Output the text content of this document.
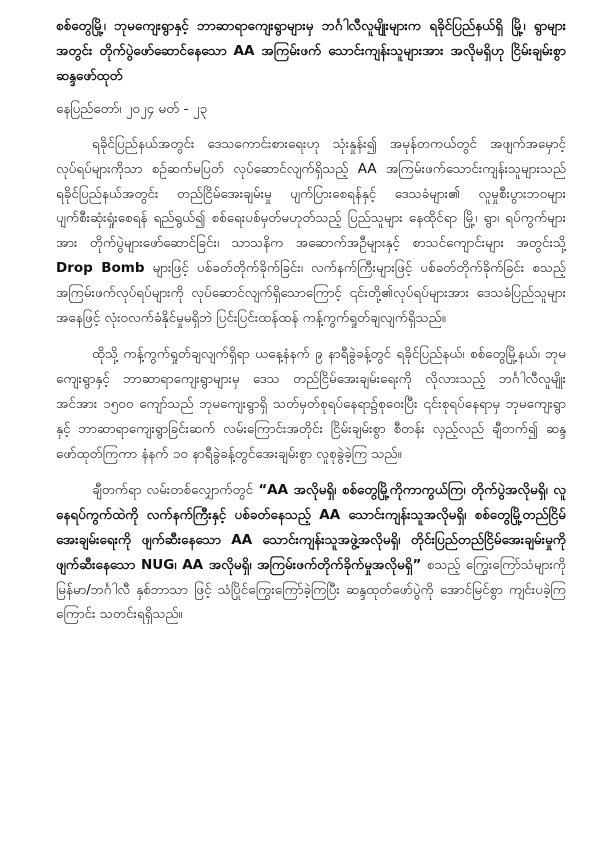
စစ်တွေမြို့၊ ဘုမကျေးရွာနှင့် ဘာဆာရာကျေးရွာများမှ ဘင်္ဂါလီလူမျိုးများက ရခိုင်ပြည်နယ်ရှိ မြို့၊ ရွာများအတွင်း တိုက်ပွဲဖော်ဆောင်နေသော AA အကြမ်းဖက် သောင်းကျန်းသူများအား အလိုမရှိဟု ငြိမ်းချမ်းစွာ ဆန္ဒဖော်ထုတ်

နေပြည်တော်၊ ၂၀၂၄ မတ် - ၂၃

ရခိုင်ပြည်နယ်အတွင်း ဒေသကောင်းစားရေးဟု သုံးနှုန်း၍ အမုန်တကယ်တွင် အဖျက်အမှောင့်လုပ်ရပ်များကိုသာ စဉ်ဆက်မပြတ် လုပ်ဆောင်လျက်ရှိသည့် AA အကြမ်းဖက်သောင်းကျန်းသူများသည် ရခိုင်ပြည်နယ်အတွင်း တည်ငြိမ်အေးချမ်းမှု ပျက်ပြားစေရန်နှင့် ဒေသခံများ၏ လူမှုစီးပွားဘဝများ ပျက်စီးဆုံးရှုံးစေရန် ရည်ရွယ်၍ စစ်ရေးပစ်မှတ်မဟုတ်သည့် ပြည်သူများ နေထိုင်ရာ မြို့၊ ရွာ၊ ရပ်ကွက်များအား တိုက်ပွဲများဖော်ဆောင်ခြင်း၊ သာသနိက အဆောက်အဦများနှင့် စာသင်ကျောင်းများ အတွင်းသို့ Drop Bomb များဖြင့် ပစ်ခတ်တိုက်ခိုက်ခြင်း၊ လက်နက်ကြီးများဖြင့် ပစ်ခတ်တိုက်ခိုက်ခြင်း စသည့် အကြမ်းဖက်လုပ်ရပ်များကို လုပ်ဆောင်လျက်ရှိသောကြောင့် ၎င်းတို့၏လုပ်ရပ်များအား ဒေသခံပြည်သူများအနေဖြင့် လုံးဝလက်ခံနိုင်မှုမရှိဘဲ ပြင်းပြင်းထန်ထန် ကန့်ကွက်ရှုတ်ချလျက်ရှိသည်။

ထိုသို့ ကန့်ကွက်ရှုတ်ချလျက်ရှိရာ ယနေ့နံနက် ၉ နာရီခွဲခန့်တွင် ရခိုင်ပြည်နယ်၊ စစ်တွေမြို့နယ်၊ ဘုမကျေးရွာနှင့် ဘာဆာရာကျေးရွာများမှ ဒေသ တည်ငြိမ်အေးချမ်းရေးကို လိုလားသည့် ဘင်္ဂါလီလူမျိုး အင်အား ၁၅၀၀ ကျော်သည် ဘုမကျေးရွာရှိ သတ်မှတ်စုရပ်နေရာ၌စုဝေးပြီး ၎င်းစုရပ်နေရာမှ ဘုမကျေးရွာနှင့် ဘာဆာရာကျေးရွာခြင်းဆက် လမ်းကြောင်းအတိုင်း ငြိမ်းချမ်းစွာ စီတန်း လှည့်လည် ချီတက်၍ ဆန္ဒဖော်ထုတ်ကြကာ နံနက် ၁၀ နာရီခွဲခန့်တွင်အေးချမ်းစွာ လူစုခွဲခဲ့ကြ သည်။

ချီတက်ရာ လမ်းတစ်လျှောက်တွင် “AA အလိုမရှိ၊ စစ်တွေမြို့ကိုကာကွယ်ကြ၊ တိုက်ပွဲအလိုမရှိ၊ လူနေရပ်ကွက်ထဲကို လက်နက်ကြီးနှင့် ပစ်ခတ်နေသည့် AA သောင်းကျန်းသူအလိုမရှိ၊ စစ်တွေမြို့တည်ငြိမ်အေးချမ်းရေးကို ဖျက်ဆီးနေသော AA သောင်းကျန်းသူအဖွဲ့အလိုမရှိ၊ တိုင်းပြည်တည်ငြိမ်အေးချမ်းမှုကို ဖျက်ဆီးနေသော NUG၊ AA အလိုမရှိ၊ အကြမ်းဖက်တိုက်ခိုက်မှုအလိုမရှိ” စသည့် ကြွေးကြော်သံများကို မြန်မာ/ဘင်္ဂါလီ နှစ်ဘာသာ ဖြင့် သံပြိုင်ကြွေးကြော်ခဲ့ကြပြီး ဆန္ဒထုတ်ဖော်ပွဲကို အောင်မြင်စွာ ကျင်းပခဲ့ကြကြောင်း သတင်းရရှိသည်။
